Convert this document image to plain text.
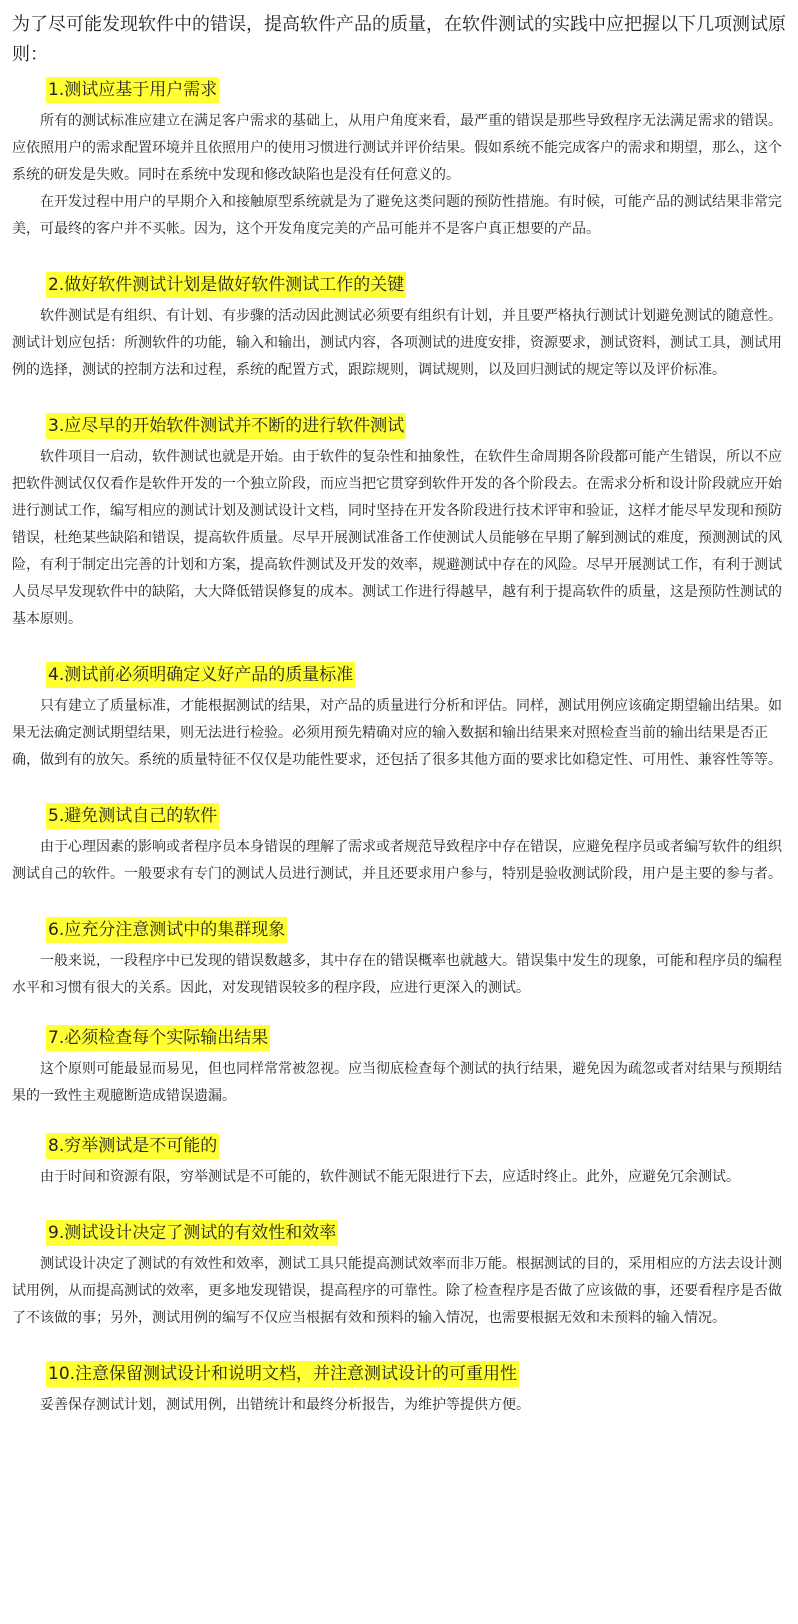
为了尽可能发现软件中的错误，提高软件产品的质量，在软件测试的实践中应把握以下几项测试原则：

1.测试应基于用户需求

所有的测试标准应建立在满足客户需求的基础上，从用户角度来看，最严重的错误是那些导致程序无法满足需求的错误。应依照用户的需求配置环境并且依照用户的使用习惯进行测试并评价结果。假如系统不能完成客户的需求和期望，那么，这个系统的研发是失败。同时在系统中发现和修改缺陷也是没有任何意义的。

在开发过程中用户的早期介入和接触原型系统就是为了避免这类问题的预防性措施。有时候，可能产品的测试结果非常完美，可最终的客户并不买帐。因为，这个开发角度完美的产品可能并不是客户真正想要的产品。

2.做好软件测试计划是做好软件测试工作的关键

软件测试是有组织、有计划、有步骤的活动因此测试必须要有组织有计划，并且要严格执行测试计划避免测试的随意性。测试计划应包括：所测软件的功能，输入和输出，测试内容，各项测试的进度安排，资源要求，测试资料，测试工具，测试用例的选择，测试的控制方法和过程，系统的配置方式，跟踪规则，调试规则，以及回归测试的规定等以及评价标准。

3.应尽早的开始软件测试并不断的进行软件测试

软件项目一启动，软件测试也就是开始。由于软件的复杂性和抽象性，在软件生命周期各阶段都可能产生错误，所以不应把软件测试仅仅看作是软件开发的一个独立阶段，而应当把它贯穿到软件开发的各个阶段去。在需求分析和设计阶段就应开始进行测试工作，编写相应的测试计划及测试设计文档，同时坚持在开发各阶段进行技术评审和验证，这样才能尽早发现和预防错误，杜绝某些缺陷和错误，提高软件质量。尽早开展测试准备工作使测试人员能够在早期了解到测试的难度，预测测试的风险，有利于制定出完善的计划和方案，提高软件测试及开发的效率，规避测试中存在的风险。尽早开展测试工作，有利于测试人员尽早发现软件中的缺陷，大大降低错误修复的成本。测试工作进行得越早，越有利于提高软件的质量，这是预防性测试的基本原则。

4.测试前必须明确定义好产品的质量标准

只有建立了质量标准，才能根据测试的结果，对产品的质量进行分析和评估。同样，测试用例应该确定期望输出结果。如果无法确定测试期望结果，则无法进行检验。必须用预先精确对应的输入数据和输出结果来对照检查当前的输出结果是否正确，做到有的放矢。系统的质量特征不仅仅是功能性要求，还包括了很多其他方面的要求比如稳定性、可用性、兼容性等等。

5.避免测试自己的软件

由于心理因素的影响或者程序员本身错误的理解了需求或者规范导致程序中存在错误，应避免程序员或者编写软件的组织测试自己的软件。一般要求有专门的测试人员进行测试，并且还要求用户参与，特别是验收测试阶段，用户是主要的参与者。

6.应充分注意测试中的集群现象

一般来说，一段程序中已发现的错误数越多，其中存在的错误概率也就越大。错误集中发生的现象，可能和程序员的编程水平和习惯有很大的关系。因此，对发现错误较多的程序段，应进行更深入的测试。

7.必须检查每个实际输出结果

这个原则可能最显而易见，但也同样常常被忽视。应当彻底检查每个测试的执行结果，避免因为疏忽或者对结果与预期结果的一致性主观臆断造成错误遗漏。

8.穷举测试是不可能的

由于时间和资源有限，穷举测试是不可能的，软件测试不能无限进行下去，应适时终止。此外，应避免冗余测试。

9.测试设计决定了测试的有效性和效率

测试设计决定了测试的有效性和效率，测试工具只能提高测试效率而非万能。根据测试的目的，采用相应的方法去设计测试用例，从而提高测试的效率，更多地发现错误，提高程序的可靠性。除了检查程序是否做了应该做的事，还要看程序是否做了不该做的事；另外，测试用例的编写不仅应当根据有效和预料的输入情况，也需要根据无效和未预料的输入情况。

10.注意保留测试设计和说明文档，并注意测试设计的可重用性

妥善保存测试计划，测试用例，出错统计和最终分析报告，为维护等提供方便。
